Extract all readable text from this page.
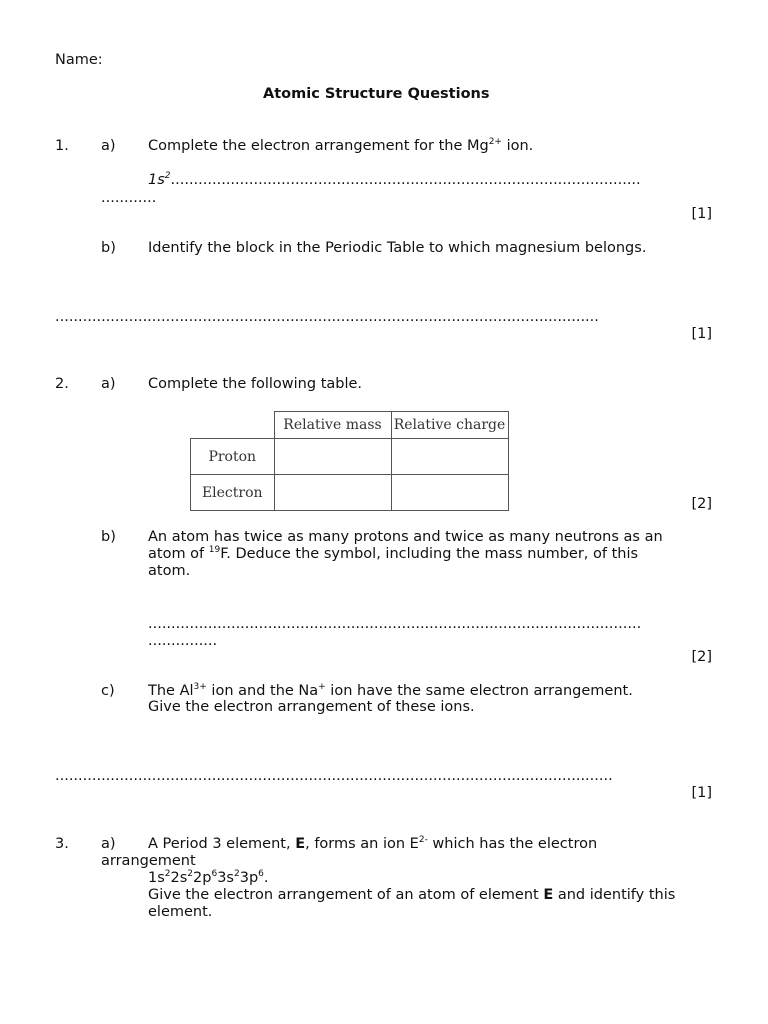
Name:
Atomic Structure Questions
1. a) Complete the electron arrangement for the $Mg^{2+}$ ion.
$1s^2$......................................................................................................
............
[1]
b) Identify the block in the Periodic Table to which magnesium belongs.
......................................................................................................................
[1]
2. a) Complete the following table.
	Relative mass	Relative charge
Proton		
Electron		
[2]
b) An atom has twice as many protons and twice as many neutrons as an
atom of $^{19}$F. Deduce the symbol, including the mass number, of this
atom.
...........................................................................................................
...............
[2]
c) The $Al^{3+}$ ion and the Na+ ion have the same electron arrangement.
Give the electron arrangement of these ions.
.........................................................................................................................
[1]
3. a) A Period 3 element, E, forms an ion $E^{2-}$ which has the electron
arrangement
$1s^22s^22p^63s^23p^6$.
Give the electron arrangement of an atom of element E and identify this
element.
